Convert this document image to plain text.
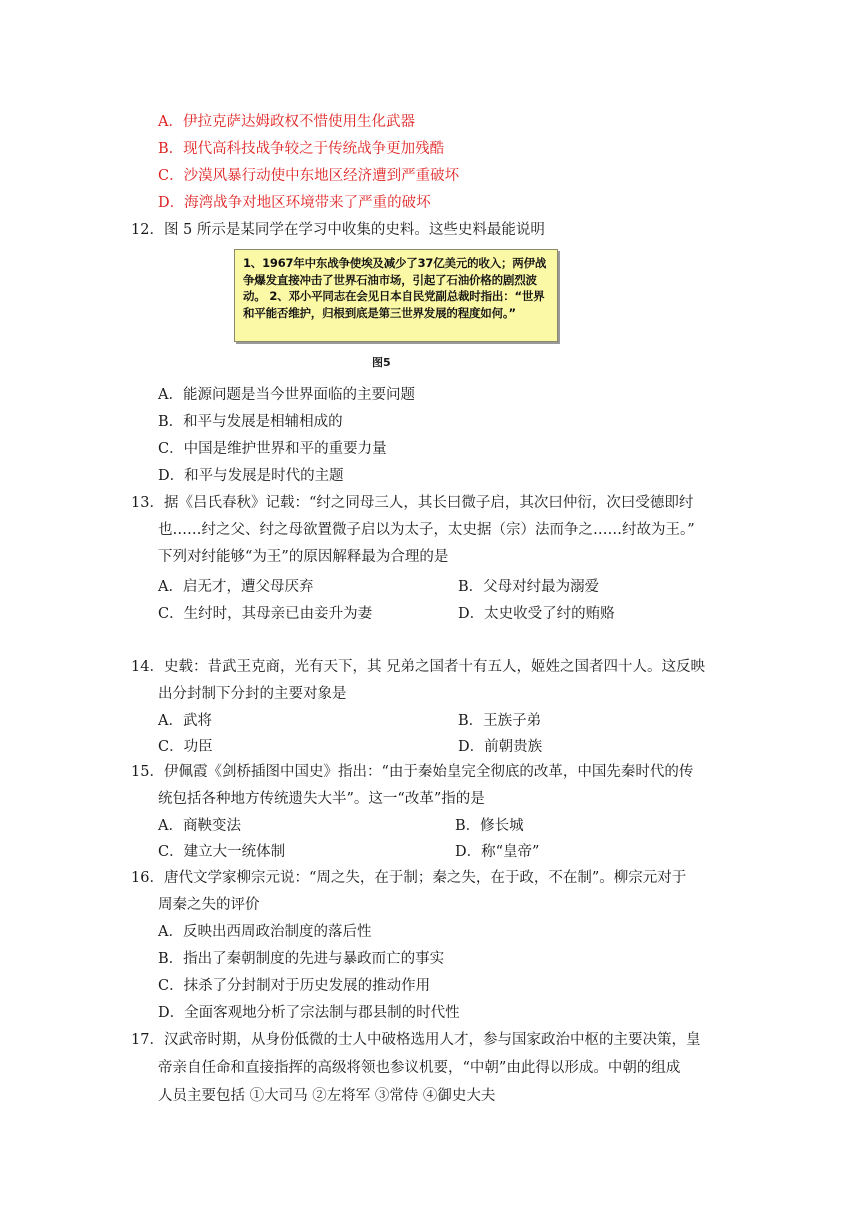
A．伊拉克萨达姆政权不惜使用生化武器
B．现代高科技战争较之于传统战争更加残酷
C．沙漠风暴行动使中东地区经济遭到严重破坏
D．海湾战争对地区环境带来了严重的破坏
12．图 5 所示是某同学在学习中收集的史料。这些史料最能说明
1、1967年中东战争使埃及减少了37亿美元的收入；两伊战争爆发直接冲击了世界石油市场，引起了石油价格的剧烈波动。 2、邓小平同志在会见日本自民党副总裁时指出：“世界和平能否维护，归根到底是第三世界发展的程度如何。”
图5
A．能源问题是当今世界面临的主要问题
B．和平与发展是相辅相成的
C．中国是维护世界和平的重要力量
D．和平与发展是时代的主题
13．据《吕氏春秋》记载：“纣之同母三人，其长曰微子启，其次曰仲衍，次曰受德即纣
也……纣之父、纣之母欲置微子启以为太子，太史据（宗）法而争之……纣故为王。”
下列对纣能够“为王”的原因解释最为合理的是
A．启无才，遭父母厌弃	B．父母对纣最为溺爱
C．生纣时，其母亲已由妾升为妻	D．太史收受了纣的贿赂
14．史载：昔武王克商，光有天下，其 兄弟之国者十有五人，姬姓之国者四十人。这反映
出分封制下分封的主要对象是
A．武将	B．王族子弟
C．功臣	D．前朝贵族
15．伊佩霞《剑桥插图中国史》指出：“由于秦始皇完全彻底的改革，中国先秦时代的传
统包括各种地方传统遗失大半”。这一“改革”指的是
A．商鞅变法	B．修长城
C．建立大一统体制	D．称“皇帝”
16．唐代文学家柳宗元说：“周之失，在于制；秦之失，在于政，不在制”。柳宗元对于
周秦之失的评价
A．反映出西周政治制度的落后性
B．指出了秦朝制度的先进与暴政而亡的事实
C．抹杀了分封制对于历史发展的推动作用
D．全面客观地分析了宗法制与郡县制的时代性
17．汉武帝时期，从身份低微的士人中破格选用人才，参与国家政治中枢的主要决策，皇
帝亲自任命和直接指挥的高级将领也参议机要，“中朝”由此得以形成。中朝的组成
人员主要包括 ①大司马 ②左将军 ③常侍 ④御史大夫
